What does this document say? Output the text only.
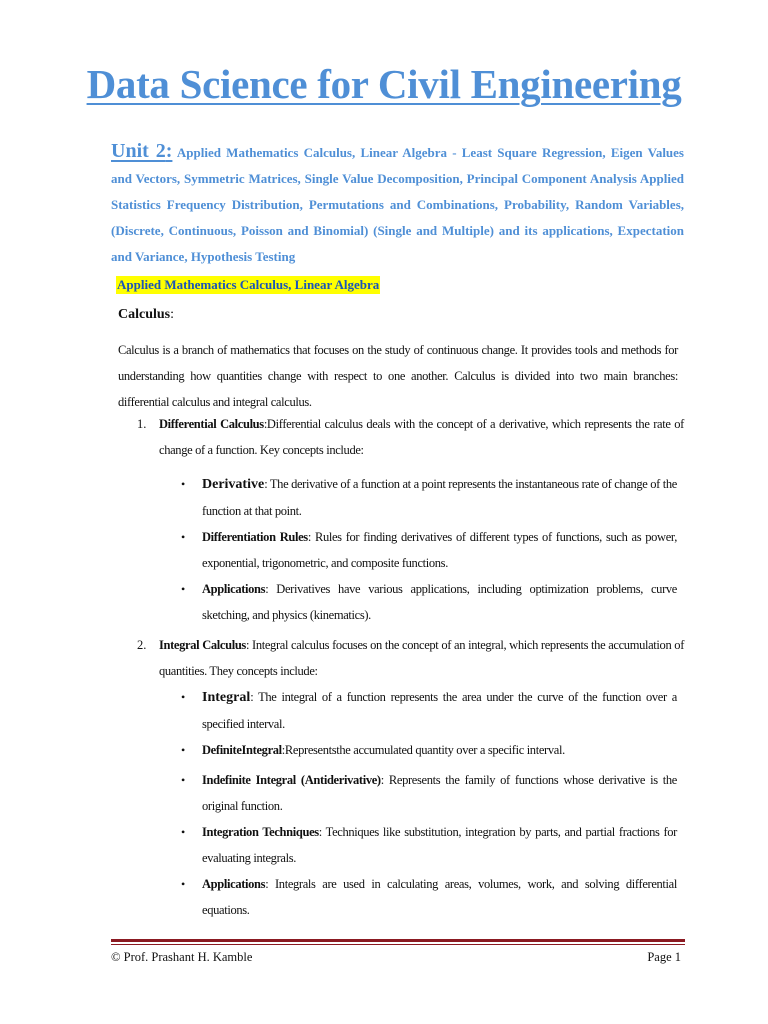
Data Science for Civil Engineering

Unit 2: Applied Mathematics Calculus, Linear Algebra - Least Square Regression, Eigen Values and Vectors, Symmetric Matrices, Single Value Decomposition, Principal Component Analysis Applied Statistics Frequency Distribution, Permutations and Combinations, Probability, Random Variables, (Discrete, Continuous, Poisson and Binomial) (Single and Multiple) and its applications, Expectation and Variance, Hypothesis Testing

Applied Mathematics Calculus, Linear Algebra

Calculus:

Calculus is a branch of mathematics that focuses on the study of continuous change. It provides tools and methods for understanding how quantities change with respect to one another. Calculus is divided into two main branches: differential calculus and integral calculus.

1. Differential Calculus:Differential calculus deals with the concept of a derivative, which represents the rate of change of a function. Key concepts include:

• Derivative: The derivative of a function at a point represents the instantaneous rate of change of the function at that point.

• Differentiation Rules: Rules for finding derivatives of different types of functions, such as power, exponential, trigonometric, and composite functions.

• Applications: Derivatives have various applications, including optimization problems, curve sketching, and physics (kinematics).

2. Integral Calculus: Integral calculus focuses on the concept of an integral, which represents the accumulation of quantities. They concepts include:

• Integral: The integral of a function represents the area under the curve of the function over a specified interval.

• DefiniteIntegral:Representsthe accumulated quantity over a specific interval.

• Indefinite Integral (Antiderivative): Represents the family of functions whose derivative is the original function.

• Integration Techniques: Techniques like substitution, integration by parts, and partial fractions for evaluating integrals.

• Applications: Integrals are used in calculating areas, volumes, work, and solving differential equations.

© Prof. Prashant H. Kamble	Page 1
